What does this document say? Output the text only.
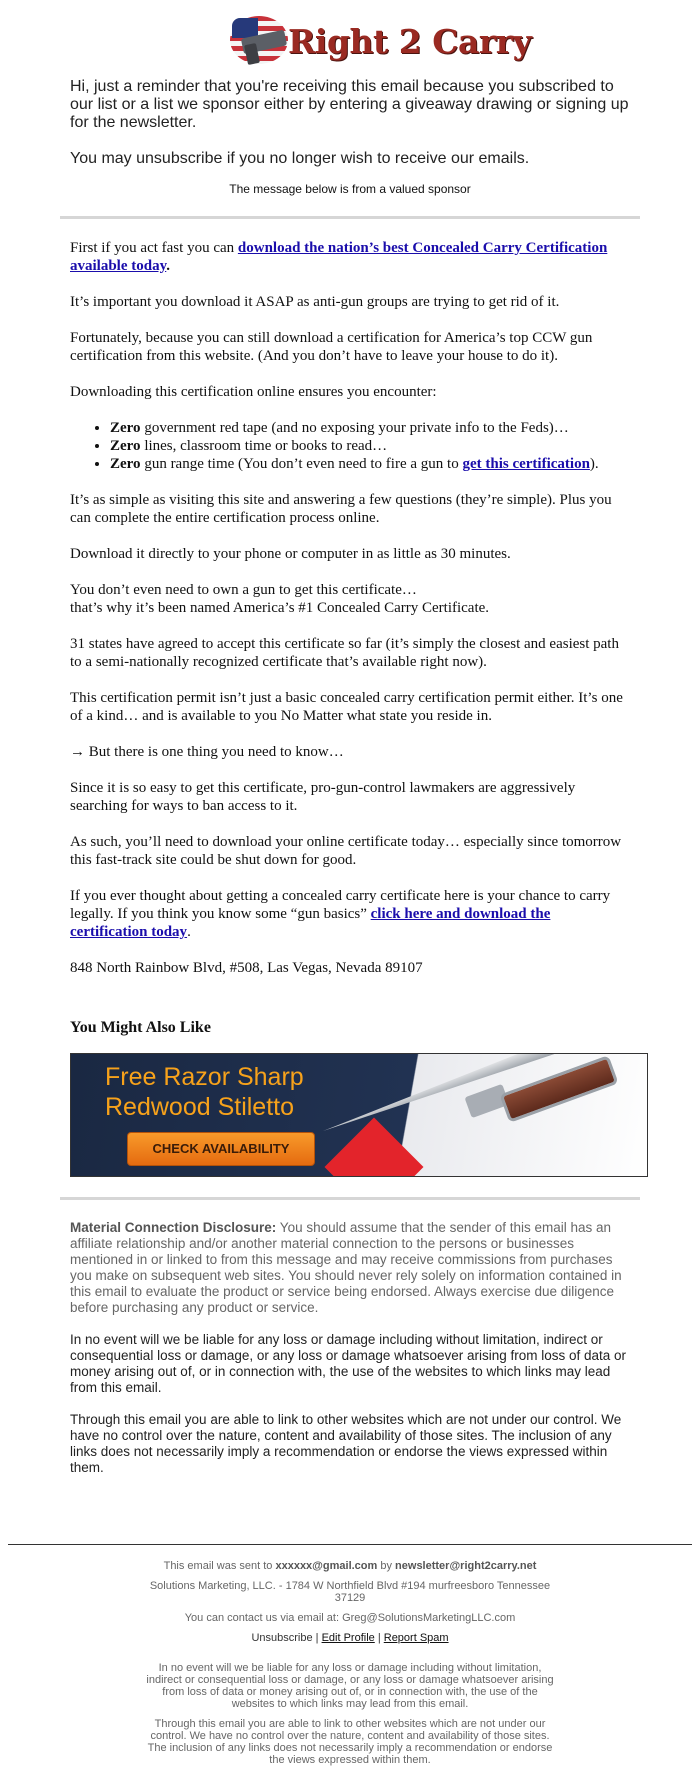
Right 2 Carry

Hi, just a reminder that you're receiving this email because you subscribed to our list or a list we sponsor either by entering a giveaway drawing or signing up for the newsletter.

You may unsubscribe if you no longer wish to receive our emails.

The message below is from a valued sponsor

First if you act fast you can download the nation’s best Concealed Carry Certification available today.

It’s important you download it ASAP as anti-gun groups are trying to get rid of it.

Fortunately, because you can still download a certification for America’s top CCW gun certification from this website. (And you don’t have to leave your house to do it).

Downloading this certification online ensures you encounter:

• Zero government red tape (and no exposing your private info to the Feds)…
• Zero lines, classroom time or books to read…
• Zero gun range time (You don’t even need to fire a gun to get this certification).

It’s as simple as visiting this site and answering a few questions (they’re simple). Plus you can complete the entire certification process online.

Download it directly to your phone or computer in as little as 30 minutes.

You don’t even need to own a gun to get this certificate…
that’s why it’s been named America’s #1 Concealed Carry Certificate.

31 states have agreed to accept this certificate so far (it’s simply the closest and easiest path to a semi-nationally recognized certificate that’s available right now).

This certification permit isn’t just a basic concealed carry certification permit either. It’s one of a kind… and is available to you No Matter what state you reside in.

→ But there is one thing you need to know…

Since it is so easy to get this certificate, pro-gun-control lawmakers are aggressively searching for ways to ban access to it.

As such, you’ll need to download your online certificate today… especially since tomorrow this fast-track site could be shut down for good.

If you ever thought about getting a concealed carry certificate here is your chance to carry legally. If you think you know some “gun basics” click here and download the certification today.

848 North Rainbow Blvd, #508, Las Vegas, Nevada 89107

You Might Also Like
Free Razor Sharp
Redwood Stiletto
CHECK AVAILABILITY

Material Connection Disclosure: You should assume that the sender of this email has an affiliate relationship and/or another material connection to the persons or businesses mentioned in or linked to from this message and may receive commissions from purchases you make on subsequent web sites. You should never rely solely on information contained in this email to evaluate the product or service being endorsed. Always exercise due diligence before purchasing any product or service.

In no event will we be liable for any loss or damage including without limitation, indirect or consequential loss or damage, or any loss or damage whatsoever arising from loss of data or money arising out of, or in connection with, the use of the websites to which links may lead from this email.

Through this email you are able to link to other websites which are not under our control. We have no control over the nature, content and availability of those sites. The inclusion of any links does not necessarily imply a recommendation or endorse the views expressed within them.

This email was sent to xxxxxx@gmail.com by newsletter@right2carry.net

Solutions Marketing, LLC. - 1784 W Northfield Blvd #194 murfreesboro Tennessee 37129

You can contact us via email at: Greg@SolutionsMarketingLLC.com

Unsubscribe | Edit Profile | Report Spam

In no event will we be liable for any loss or damage including without limitation, indirect or consequential loss or damage, or any loss or damage whatsoever arising from loss of data or money arising out of, or in connection with, the use of the websites to which links may lead from this email.

Through this email you are able to link to other websites which are not under our control. We have no control over the nature, content and availability of those sites. The inclusion of any links does not necessarily imply a recommendation or endorse the views expressed within them.
